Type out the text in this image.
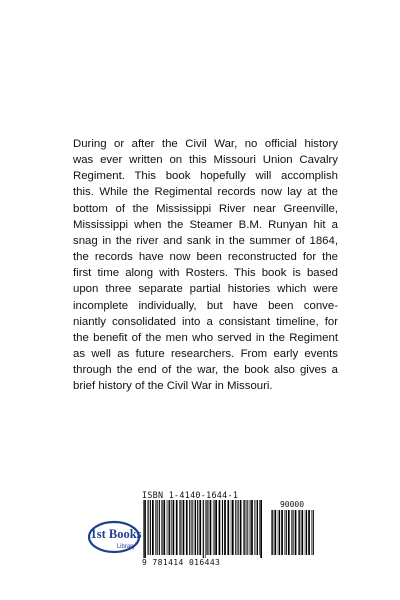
During or after the Civil War, no official history
was ever written on this Missouri Union Cavalry
Regiment. This book hopefully will accomplish
this. While the Regimental records now lay at the
bottom of the Mississippi River near Greenville,
Mississippi when the Steamer B.M. Runyan hit a
snag in the river and sank in the summer of 1864,
the records have now been reconstructed for the
first time along with Rosters. This book is based
upon three separate partial histories which were
incomplete individually, but have been conve-
niantly consolidated into a consistant timeline, for
the benefit of the men who served in the Regiment
as well as future researchers. From early events
through the end of the war, the book also gives a
brief history of the Civil War in Missouri.
1st Books
Library
ISBN 1-4140-1644-1
9 781414 016443
90000
